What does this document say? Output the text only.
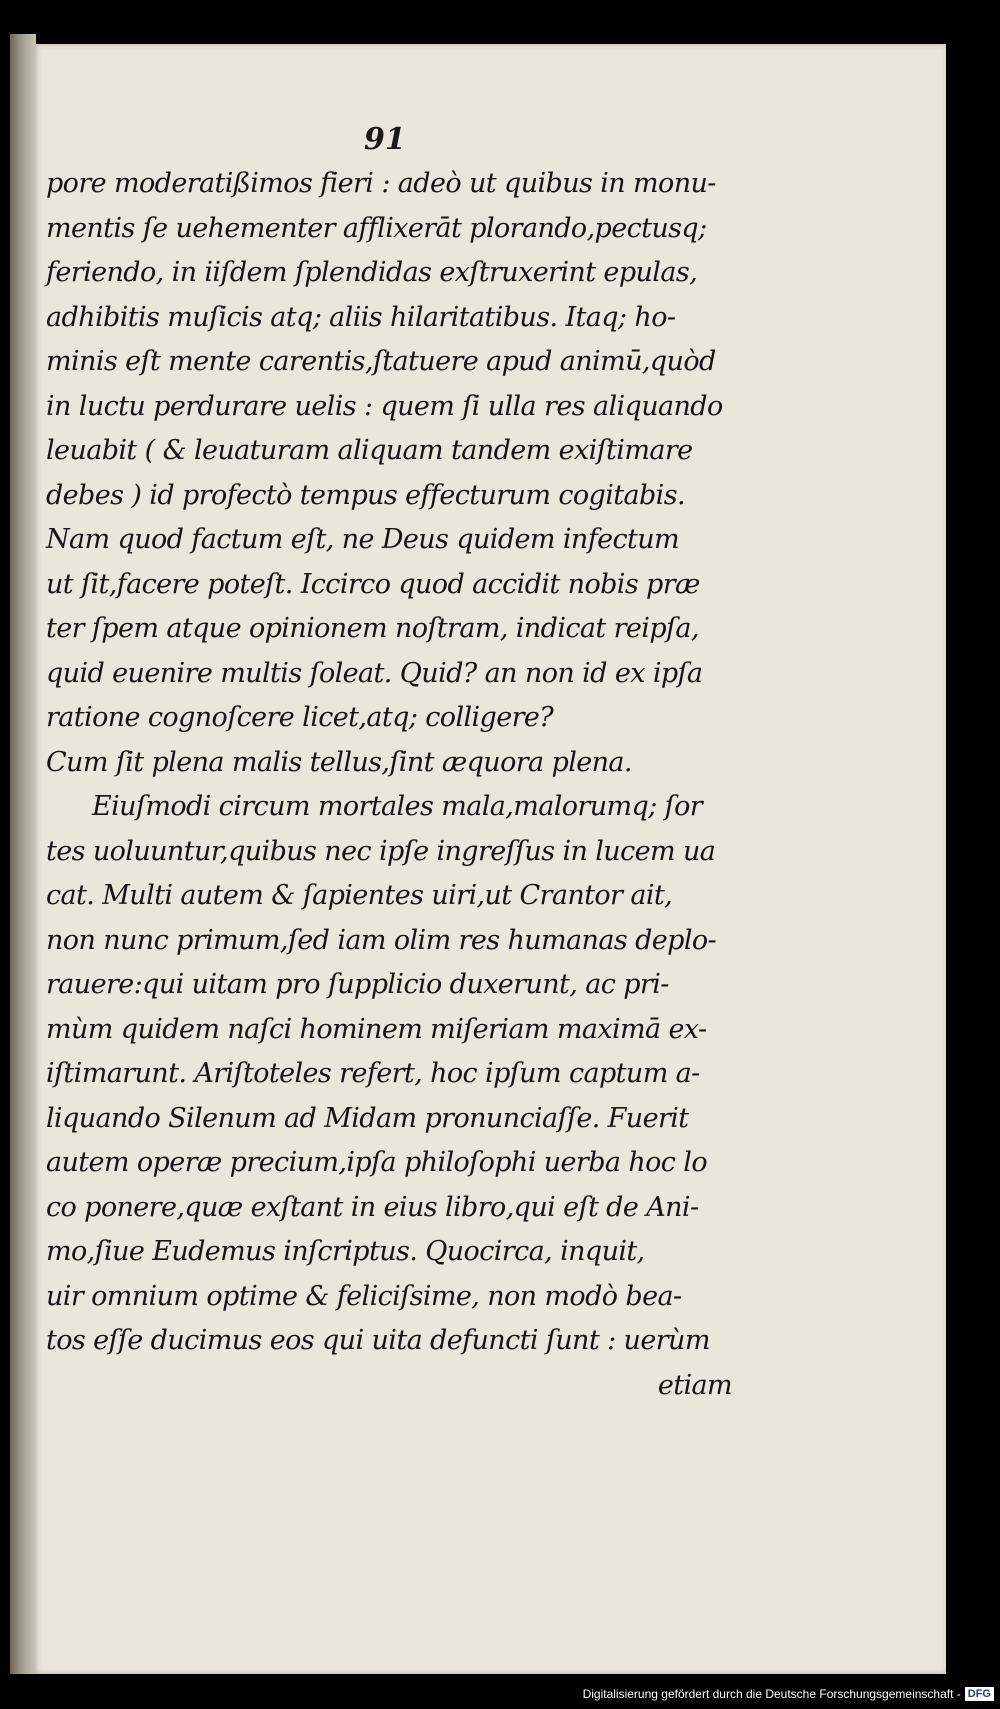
91
pore moderatißimos fieri : adeò ut quibus in monu-
mentis ſe uehementer afflixerāt plorando,pectusq;
feriendo, in iiſdem ſplendidas exſtruxerint epulas,
adhibitis muſicis atq; aliis hilaritatibus. Itaq; ho-
minis eſt mente carentis,ſtatuere apud animū,quòd
in luctu perdurare uelis : quem ſi ulla res aliquando
leuabit ( & leuaturam aliquam tandem exiſtimare
debes ) id profectò tempus effecturum cogitabis.
Nam quod factum eſt, ne Deus quidem infectum
ut ſit,facere poteſt. Iccirco quod accidit nobis præ
ter ſpem atque opinionem noſtram, indicat reipſa,
quid euenire multis ſoleat. Quid? an non id ex ipſa
ratione cognoſcere licet,atq; colligere?
Cum ſit plena malis tellus,ſint æquora plena.
Eiuſmodi circum mortales mala,malorumq; ſor
tes uoluuntur,quibus nec ipſe ingreſſus in lucem ua
cat. Multi autem & ſapientes uiri,ut Crantor ait,
non nunc primum,ſed iam olim res humanas deplo-
rauere:qui uitam pro ſupplicio duxerunt, ac pri-
mùm quidem naſci hominem miſeriam maximā ex-
iſtimarunt. Ariſtoteles refert, hoc ipſum captum a-
liquando Silenum ad Midam pronunciaſſe. Fuerit
autem operæ precium,ipſa philoſophi uerba hoc lo
co ponere,quæ exſtant in eius libro,qui eſt de Ani-
mo,ſiue Eudemus inſcriptus. Quocirca, inquit,
uir omnium optime & feliciſsime, non modò bea-
tos eſſe ducimus eos qui uita defuncti ſunt : uerùm
etiam
Digitalisierung gefördert durch die Deutsche Forschungsgemeinschaft - DFG
